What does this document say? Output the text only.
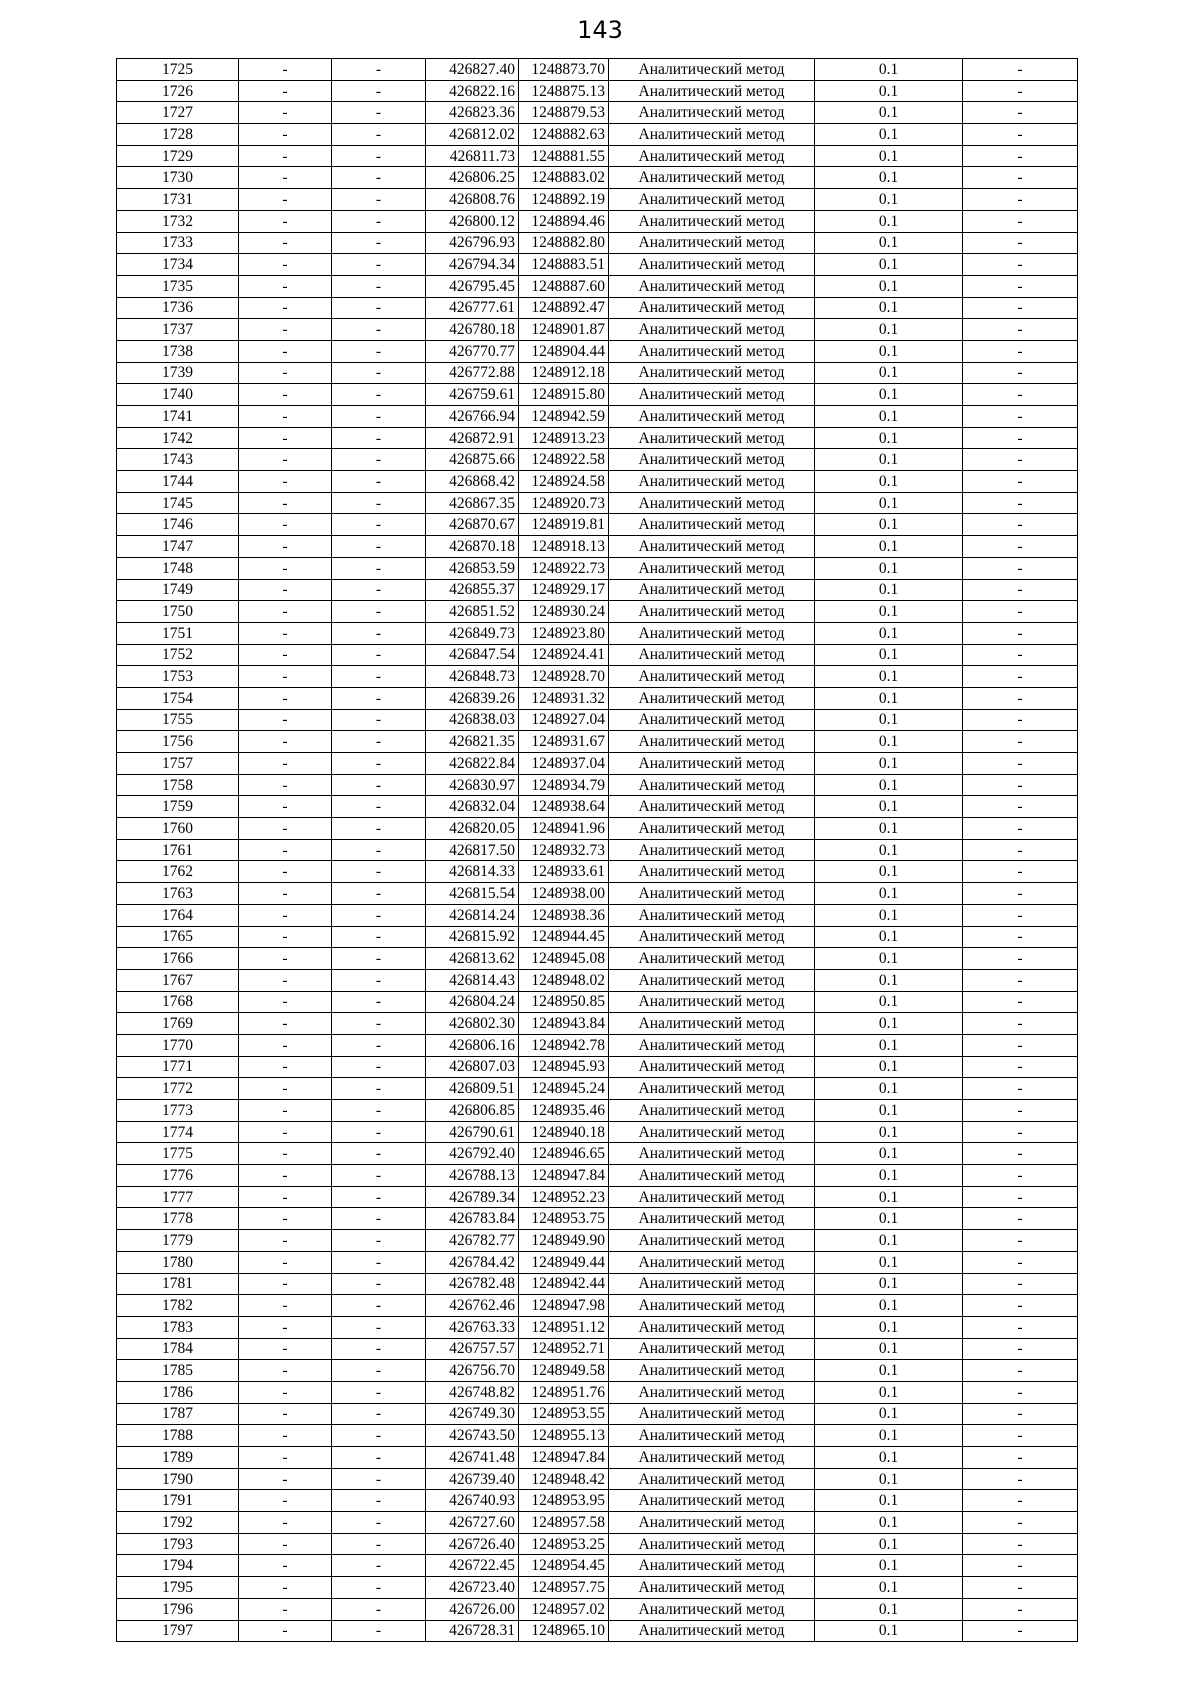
143
1725	-	-	426827.40	1248873.70	Аналитический метод	0.1	-
1726	-	-	426822.16	1248875.13	Аналитический метод	0.1	-
1727	-	-	426823.36	1248879.53	Аналитический метод	0.1	-
1728	-	-	426812.02	1248882.63	Аналитический метод	0.1	-
1729	-	-	426811.73	1248881.55	Аналитический метод	0.1	-
1730	-	-	426806.25	1248883.02	Аналитический метод	0.1	-
1731	-	-	426808.76	1248892.19	Аналитический метод	0.1	-
1732	-	-	426800.12	1248894.46	Аналитический метод	0.1	-
1733	-	-	426796.93	1248882.80	Аналитический метод	0.1	-
1734	-	-	426794.34	1248883.51	Аналитический метод	0.1	-
1735	-	-	426795.45	1248887.60	Аналитический метод	0.1	-
1736	-	-	426777.61	1248892.47	Аналитический метод	0.1	-
1737	-	-	426780.18	1248901.87	Аналитический метод	0.1	-
1738	-	-	426770.77	1248904.44	Аналитический метод	0.1	-
1739	-	-	426772.88	1248912.18	Аналитический метод	0.1	-
1740	-	-	426759.61	1248915.80	Аналитический метод	0.1	-
1741	-	-	426766.94	1248942.59	Аналитический метод	0.1	-
1742	-	-	426872.91	1248913.23	Аналитический метод	0.1	-
1743	-	-	426875.66	1248922.58	Аналитический метод	0.1	-
1744	-	-	426868.42	1248924.58	Аналитический метод	0.1	-
1745	-	-	426867.35	1248920.73	Аналитический метод	0.1	-
1746	-	-	426870.67	1248919.81	Аналитический метод	0.1	-
1747	-	-	426870.18	1248918.13	Аналитический метод	0.1	-
1748	-	-	426853.59	1248922.73	Аналитический метод	0.1	-
1749	-	-	426855.37	1248929.17	Аналитический метод	0.1	-
1750	-	-	426851.52	1248930.24	Аналитический метод	0.1	-
1751	-	-	426849.73	1248923.80	Аналитический метод	0.1	-
1752	-	-	426847.54	1248924.41	Аналитический метод	0.1	-
1753	-	-	426848.73	1248928.70	Аналитический метод	0.1	-
1754	-	-	426839.26	1248931.32	Аналитический метод	0.1	-
1755	-	-	426838.03	1248927.04	Аналитический метод	0.1	-
1756	-	-	426821.35	1248931.67	Аналитический метод	0.1	-
1757	-	-	426822.84	1248937.04	Аналитический метод	0.1	-
1758	-	-	426830.97	1248934.79	Аналитический метод	0.1	-
1759	-	-	426832.04	1248938.64	Аналитический метод	0.1	-
1760	-	-	426820.05	1248941.96	Аналитический метод	0.1	-
1761	-	-	426817.50	1248932.73	Аналитический метод	0.1	-
1762	-	-	426814.33	1248933.61	Аналитический метод	0.1	-
1763	-	-	426815.54	1248938.00	Аналитический метод	0.1	-
1764	-	-	426814.24	1248938.36	Аналитический метод	0.1	-
1765	-	-	426815.92	1248944.45	Аналитический метод	0.1	-
1766	-	-	426813.62	1248945.08	Аналитический метод	0.1	-
1767	-	-	426814.43	1248948.02	Аналитический метод	0.1	-
1768	-	-	426804.24	1248950.85	Аналитический метод	0.1	-
1769	-	-	426802.30	1248943.84	Аналитический метод	0.1	-
1770	-	-	426806.16	1248942.78	Аналитический метод	0.1	-
1771	-	-	426807.03	1248945.93	Аналитический метод	0.1	-
1772	-	-	426809.51	1248945.24	Аналитический метод	0.1	-
1773	-	-	426806.85	1248935.46	Аналитический метод	0.1	-
1774	-	-	426790.61	1248940.18	Аналитический метод	0.1	-
1775	-	-	426792.40	1248946.65	Аналитический метод	0.1	-
1776	-	-	426788.13	1248947.84	Аналитический метод	0.1	-
1777	-	-	426789.34	1248952.23	Аналитический метод	0.1	-
1778	-	-	426783.84	1248953.75	Аналитический метод	0.1	-
1779	-	-	426782.77	1248949.90	Аналитический метод	0.1	-
1780	-	-	426784.42	1248949.44	Аналитический метод	0.1	-
1781	-	-	426782.48	1248942.44	Аналитический метод	0.1	-
1782	-	-	426762.46	1248947.98	Аналитический метод	0.1	-
1783	-	-	426763.33	1248951.12	Аналитический метод	0.1	-
1784	-	-	426757.57	1248952.71	Аналитический метод	0.1	-
1785	-	-	426756.70	1248949.58	Аналитический метод	0.1	-
1786	-	-	426748.82	1248951.76	Аналитический метод	0.1	-
1787	-	-	426749.30	1248953.55	Аналитический метод	0.1	-
1788	-	-	426743.50	1248955.13	Аналитический метод	0.1	-
1789	-	-	426741.48	1248947.84	Аналитический метод	0.1	-
1790	-	-	426739.40	1248948.42	Аналитический метод	0.1	-
1791	-	-	426740.93	1248953.95	Аналитический метод	0.1	-
1792	-	-	426727.60	1248957.58	Аналитический метод	0.1	-
1793	-	-	426726.40	1248953.25	Аналитический метод	0.1	-
1794	-	-	426722.45	1248954.45	Аналитический метод	0.1	-
1795	-	-	426723.40	1248957.75	Аналитический метод	0.1	-
1796	-	-	426726.00	1248957.02	Аналитический метод	0.1	-
1797	-	-	426728.31	1248965.10	Аналитический метод	0.1	-
